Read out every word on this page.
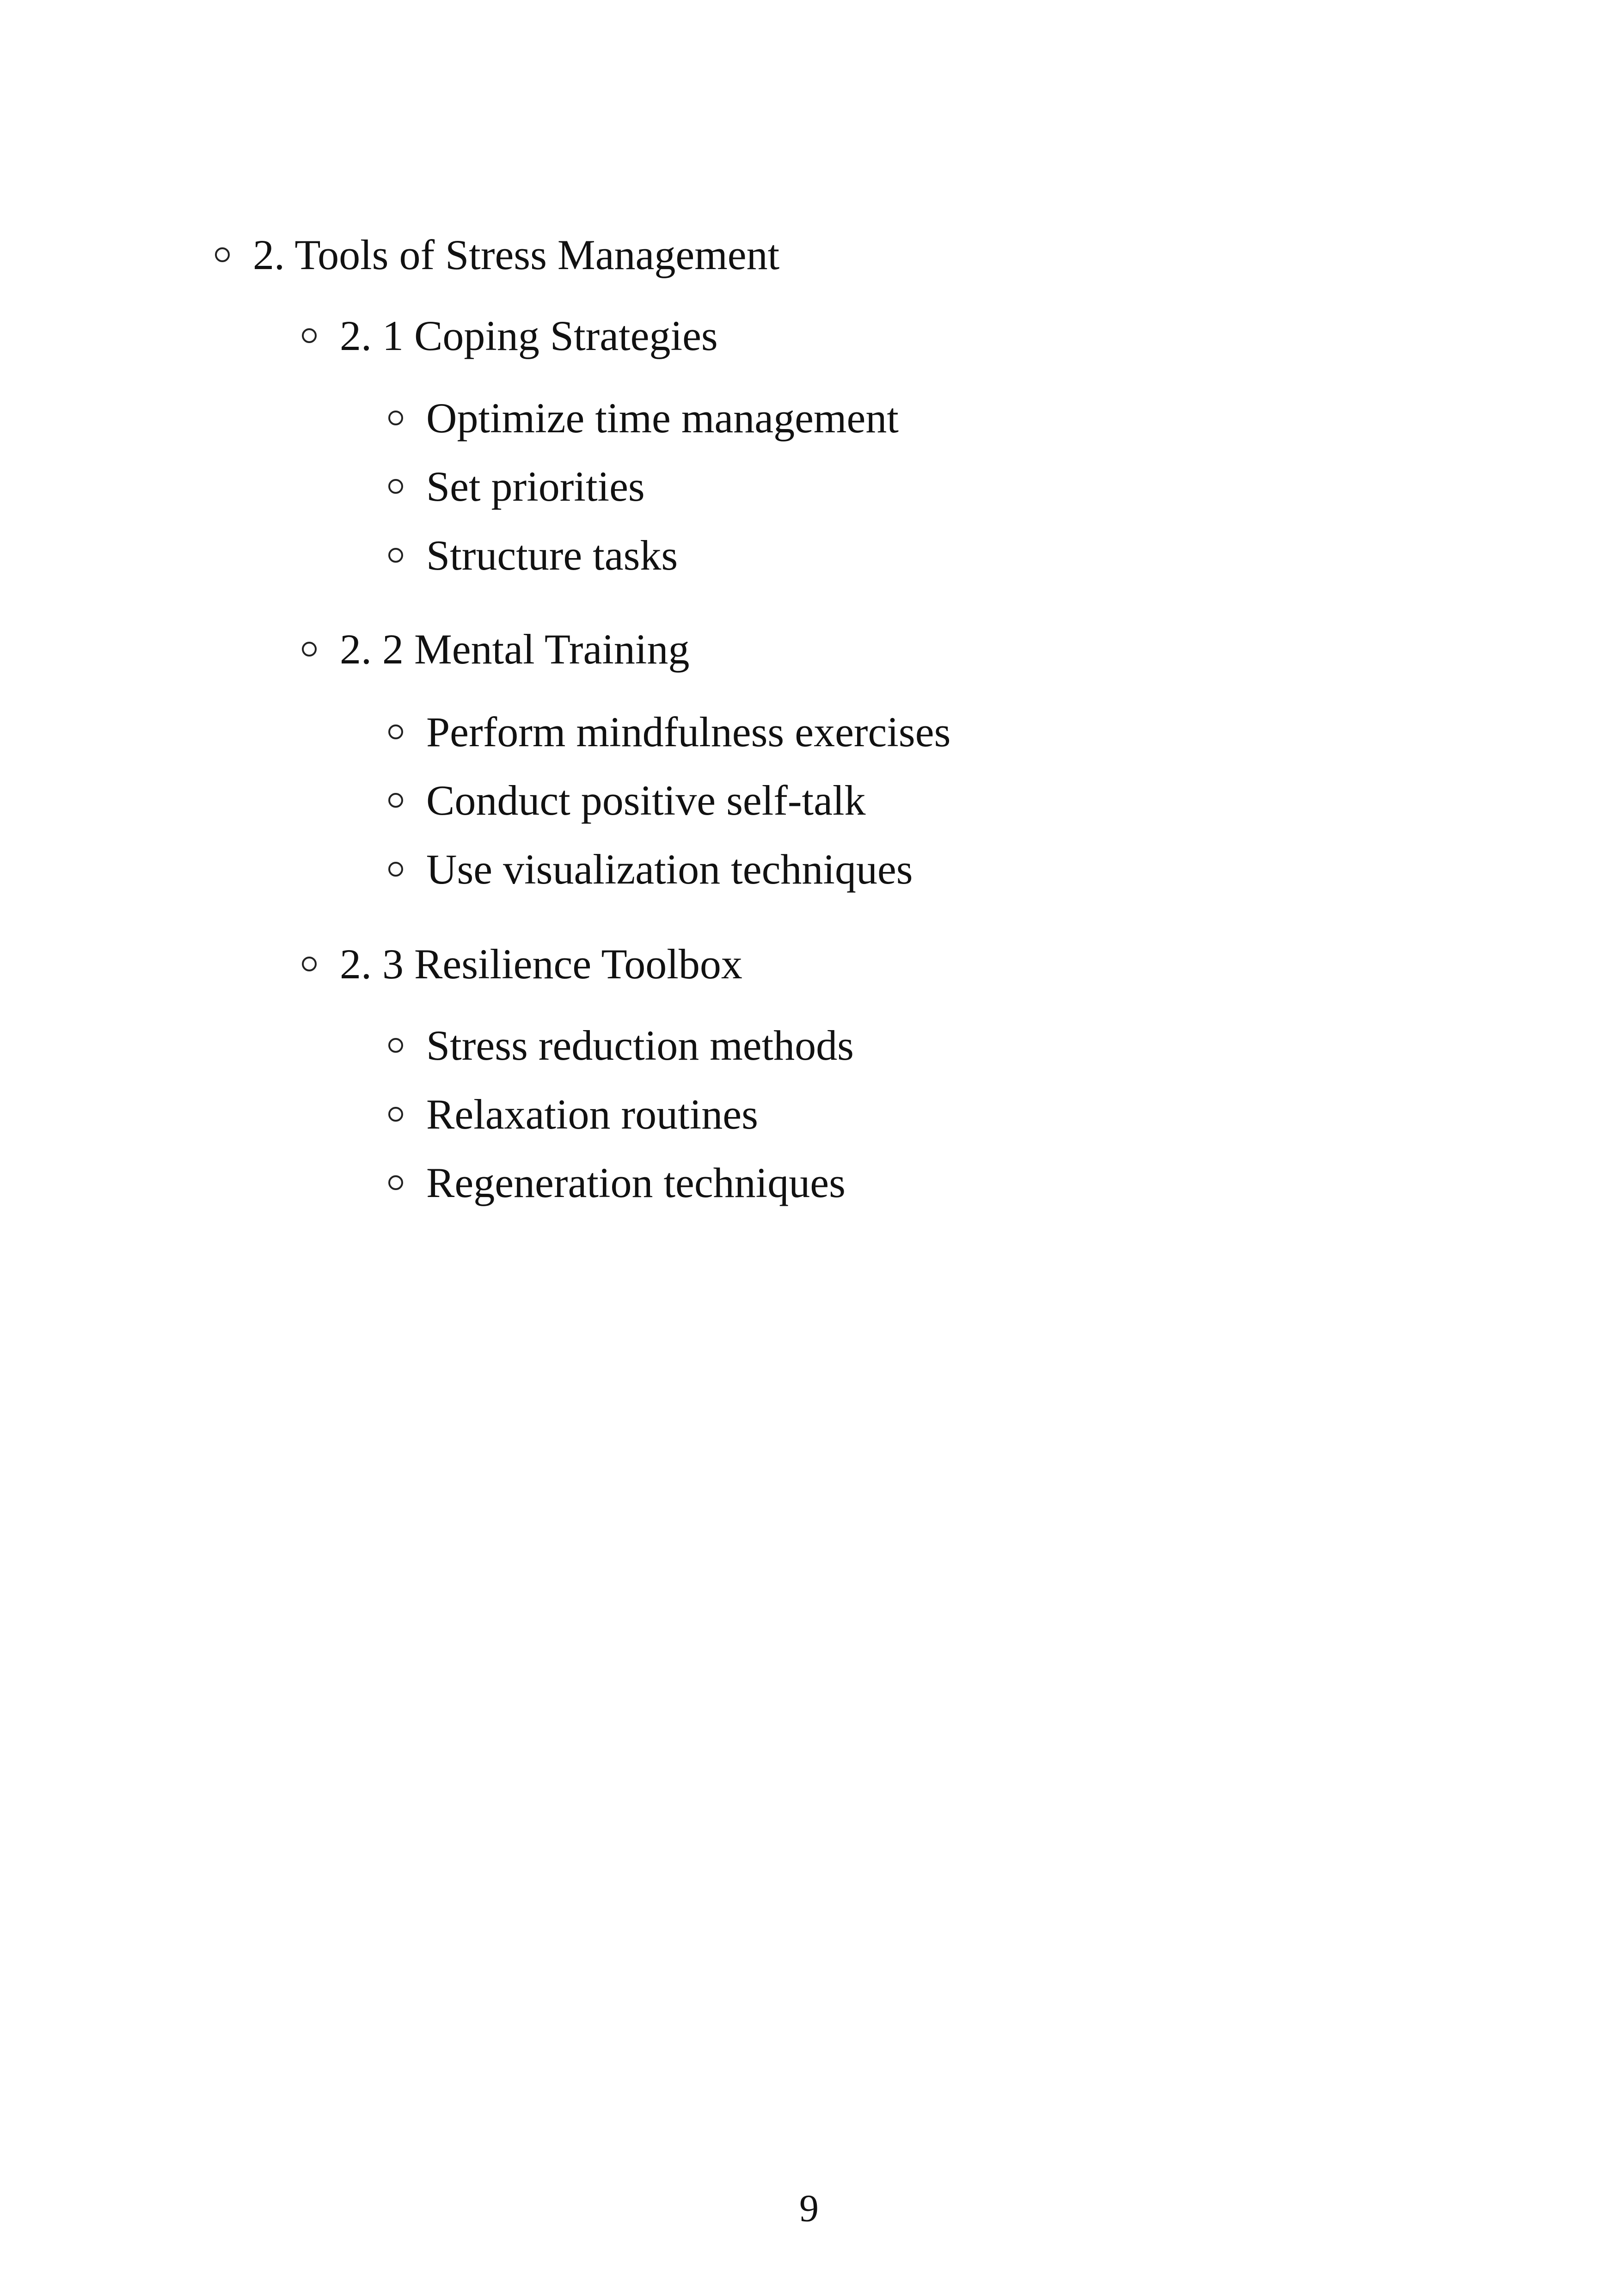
2. Tools of Stress Management
2. 1 Coping Strategies
Optimize time management
Set priorities
Structure tasks
2. 2 Mental Training
Perform mindfulness exercises
Conduct positive self-talk
Use visualization techniques
2. 3 Resilience Toolbox
Stress reduction methods
Relaxation routines
Regeneration techniques
9
